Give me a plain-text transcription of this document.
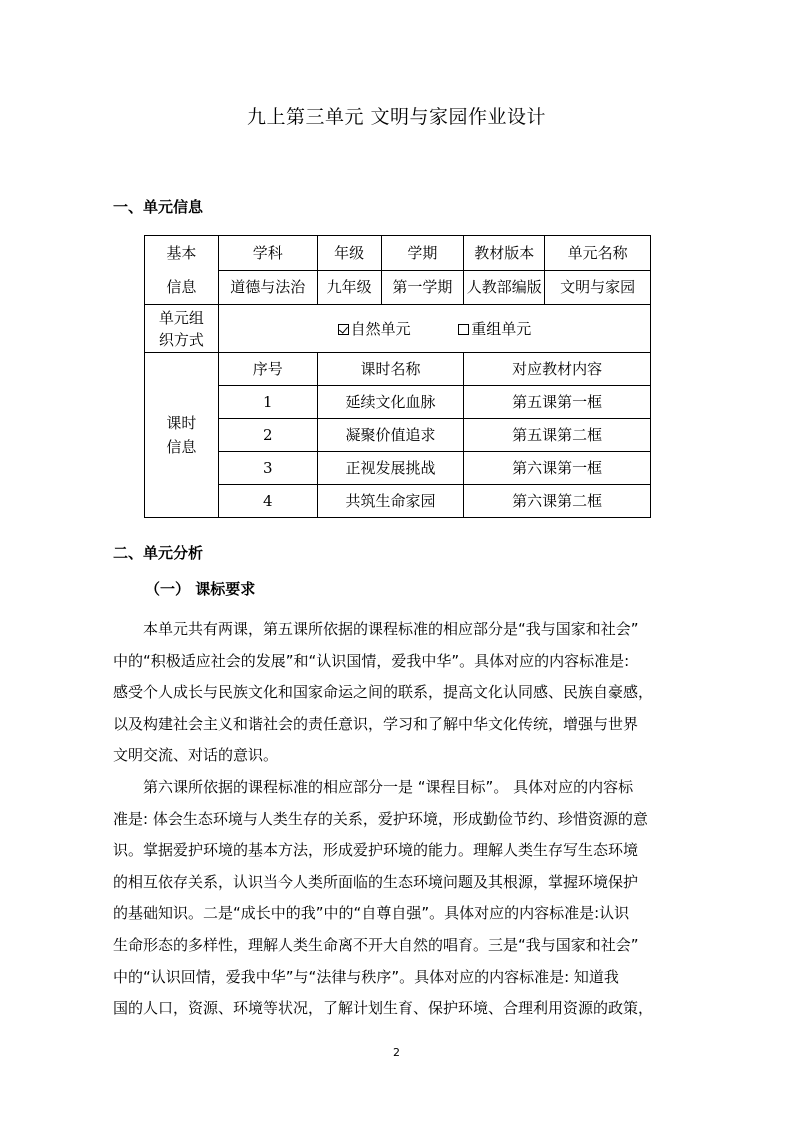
九上第三单元 文明与家园作业设计
一、单元信息
基本
信息	学科	年级	学期	教材版本	单元名称
	道德与法治	九年级	第一学期	人教部编版	文明与家园
单元组
织方式	自然单元 重组单元				
课时
信息	序号	课时名称		对应教材内容	
	1	延续文化血脉		第五课第一框	
	2	凝聚价值追求		第五课第二框	
	3	正视发展挑战		第六课第一框	
	4	共筑生命家园		第六课第二框	
二、单元分析
（一） 课标要求
　　本单元共有两课，第五课所依据的课程标准的相应部分是“我与国家和社会”
中的“积极适应社会的发展”和“认识国情，爱我中华”。具体对应的内容标准是:
感受个人成长与民族文化和国家命运之间的联系，提高文化认同感、民族自豪感，
以及构建社会主义和谐社会的责任意识，学习和了解中华文化传统，增强与世界
文明交流、对话的意识。
　　第六课所依据的课程标准的相应部分一是 “课程目标”。 具体对应的内容标
准是: 体会生态环境与人类生存的关系，爱护环境，形成勤俭节约、珍惜资源的意
识。掌据爱护环境的基本方法，形成爱护环境的能力。理解人类生存写生态环境
的相互依存关系，认识当今人类所面临的生态环境问题及其根源，掌握环境保护
的基础知识。二是“成长中的我”中的“自尊自强”。具体对应的内容标准是:认识
生命形态的多样性，理解人类生命离不开大自然的唱育。三是“我与国家和社会”
中的“认识回情，爱我中华”与“法律与秩序”。具体对应的内容标准是: 知道我
国的人口，资源、环境等状况，了解计划生育、保护环境、合理利用资源的政策，
2
